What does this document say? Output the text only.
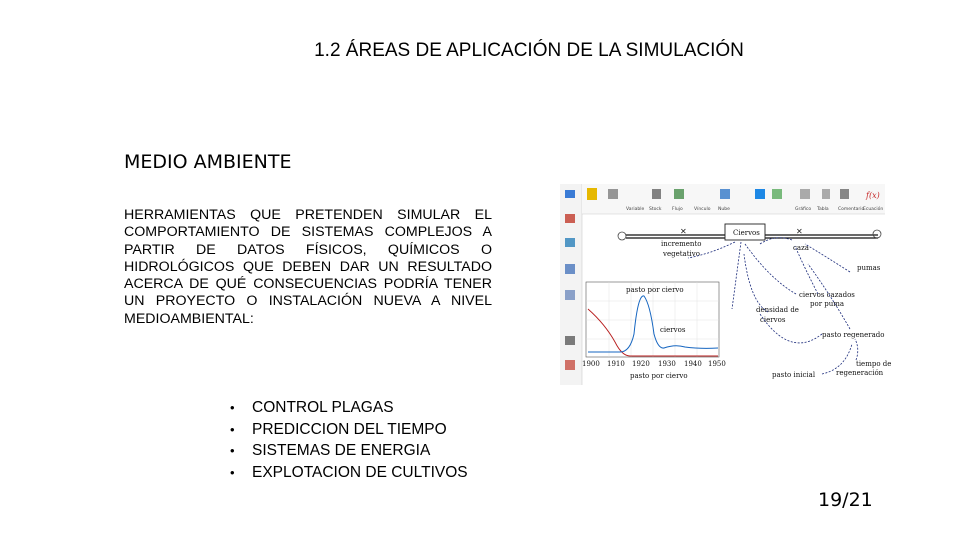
1.2 ÁREAS DE APLICACIÓN DE LA SIMULACIÓN
MEDIO AMBIENTE
HERRAMIENTAS QUE PRETENDEN SIMULAR EL COMPORTAMIENTO DE SISTEMAS COMPLEJOS A PARTIR DE DATOS FÍSICOS, QUÍMICOS O HIDROLÓGICOS QUE DEBEN DAR UN RESULTADO ACERCA DE QUÉ CONSECUENCIAS PODRÍA TENER UN PROYECTO O INSTALACIÓN NUEVA A NIVEL MEDIOAMBIENTAL:
• CONTROL PLAGAS
• PREDICCION DEL TIEMPO
• SISTEMAS DE ENERGIA
• EXPLOTACION DE CULTIVOS
f(x)
Variable Stock Flujo	Vínculo Nube	Gráfico Tabla Comentario
Ecuación
✕	✕
Ciervos
incremento
vegetativo
caza
pumas
ciervos cazados
por puma
densidad de
ciervos
pasto regenerado
tiempo de
regeneración
pasto inicial
pasto por ciervo
ciervos
1900 1910 1920 1930 1940 1950
pasto por ciervo
19/21
